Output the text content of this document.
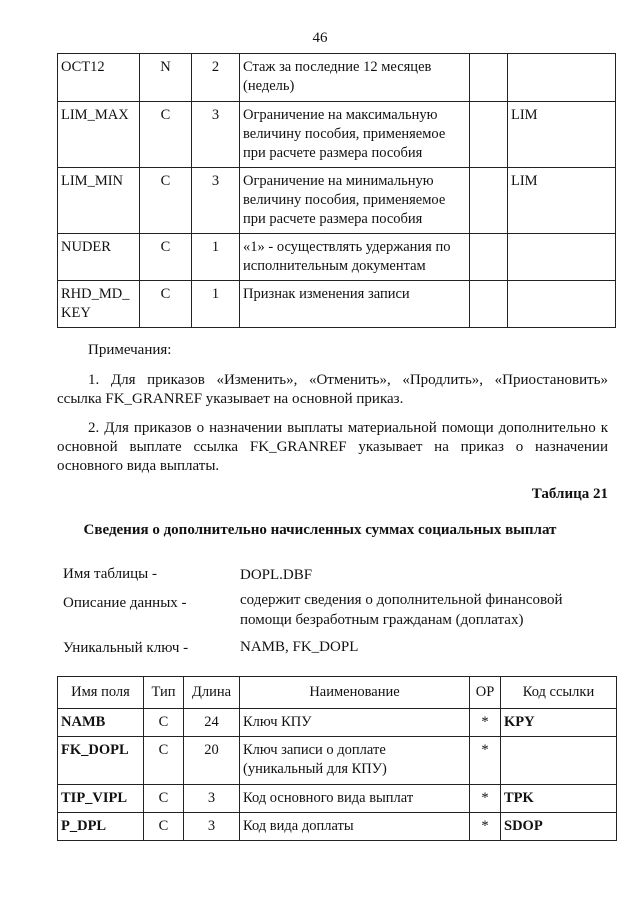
46
ОСТ12	N	2	Стаж за последние 12 месяцев (недель)		
LIM_MAX	C	3	Ограничение на максимальную величину пособия, применяемое при расчете размера пособия		LIM
LIM_MIN	C	3	Ограничение на минимальную величину пособия, применяемое при расчете размера пособия		LIM
NUDER	C	1	«1» - осуществлять удержания по исполнительным документам		
RHD_MD_ KEY	C	1	Признак изменения записи		
Примечания:
1. Для приказов «Изменить», «Отменить», «Продлить», «Приостановить» ссылка FK_GRANREF указывает на основной приказ.
2. Для приказов о назначении выплаты материальной помощи дополнительно к основной выплате ссылка FK_GRANREF указывает на приказ о назначении основного вида выплаты.
Таблица 21
Сведения о дополнительно начисленных суммах социальных выплат
Имя таблицы -	DOPL.DBF
Описание данных -	содержит сведения о дополнительной финансовой помощи безработным гражданам (доплатах)
Уникальный ключ -	NAMB, FK_DOPL
Имя поля	Тип	Длина	Наименование	ОР	Код ссылки
NAMB	C	24	Ключ КПУ	*	KPY
FK_DOPL	C	20	Ключ записи о доплате (уникальный для КПУ)	*	
TIP_VIPL	C	3	Код основного вида выплат	*	TPK
P_DPL	C	3	Код вида доплаты	*	SDOP
